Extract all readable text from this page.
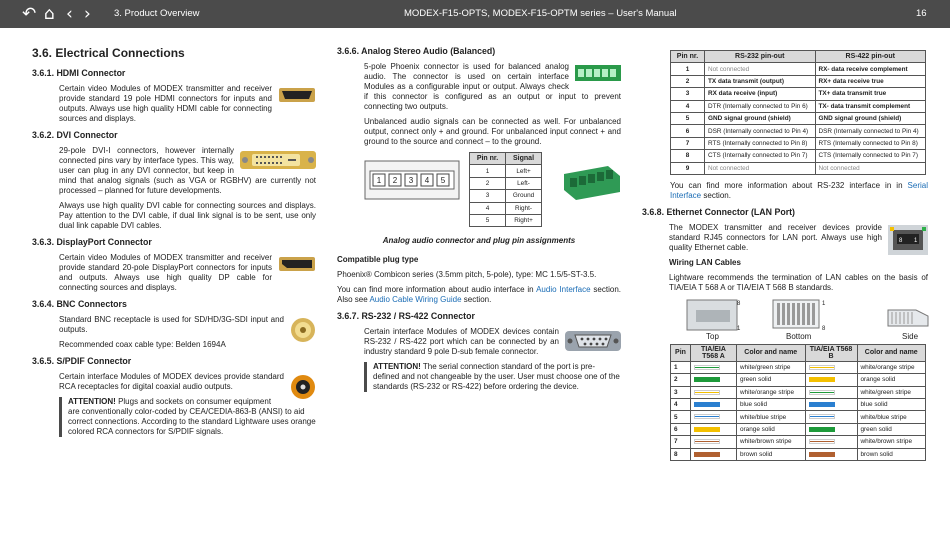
↶ ⌂ ‹ › 3. Product Overview	MODEX-F15-OPTS, MODEX-F15-OPTM series – User's Manual	16
3.6. Electrical Connections
3.6.1. HDMI Connector
Certain video Modules of MODEX transmitter and receiver provide standard 19 pole HDMI connectors for inputs and outputs. Always use high quality HDMI cable for connecting sources and displays.
3.6.2. DVI Connector
29-pole DVI-I connectors, however internally connected pins vary by interface types. This way, user can plug in any DVI connector, but keep in mind that analog signals (such as VGA or RGBHV) are currently not processed – planned for future developments.
Always use high quality DVI cable for connecting sources and displays. Pay attention to the DVI cable, if dual link signal is to be sent, use only dual link capable DVI cables.
3.6.3. DisplayPort Connector
Certain video Modules of MODEX transmitter and receiver provide standard 20-pole DisplayPort connectors for inputs and outputs. Always use high quality DP cable for connecting sources and displays.
3.6.4. BNC Connectors
Standard BNC receptacle is used for SD/HD/3G-SDI input and outputs.
Recommended coax cable type: Belden 1694A
3.6.5. S/PDIF Connector
Certain interface Modules of MODEX devices provide standard RCA receptacles for digital coaxial audio outputs.
ATTENTION! Plugs and sockets on consumer equipment are conventionally color-coded by CEA/CEDIA-863-B (ANSI) to aid correct connections. According to the standard Lightware uses orange colored RCA connectors for S/PDIF signals.
3.6.6. Analog Stereo Audio (Balanced)
5-pole Phoenix connector is used for balanced analog audio. The connector is used on certain interface Modules as a configurable input or output. Always check if this connector is configured as an output or input to prevent connecting two outputs.
Unbalanced audio signals can be connected as well. For unbalanced output, connect only + and ground. For unbalanced input connect + and ground to the source and connect – to the ground.
1 2 3 4 5
Pin nr.	Signal
1	Left+
2	Left-
3	Ground
4	Right-
5	Right+
Analog audio connector and plug pin assignments
Compatible plug type
Phoenix® Combicon series (3.5mm pitch, 5-pole), type: MC 1.5/5-ST-3.5.
You can find more information about audio interface in Audio Interface section. Also see Audio Cable Wiring Guide section.
3.6.7. RS-232 / RS-422 Connector
Certain interface Modules of MODEX devices contain RS-232 / RS-422 port which can be connected by an industry standard 9 pole D-sub female connector.
ATTENTION! The serial connection standard of the port is pre-defined and not changeable by the user. User must choose one of the standards (RS-232 or RS-422) before ordering the device.
Pin nr.	RS-232 pin-out	RS-422 pin-out
1	Not connected	RX- data receive complement
2	TX data transmit (output)	RX+ data receive true
3	RX data receive (input)	TX+ data transmit true
4	DTR (Internally connected to Pin 6)	TX- data transmit complement
5	GND signal ground (shield)	GND signal ground (shield)
6	DSR (Internally connected to Pin 4)	DSR (Internally connected to Pin 4)
7	RTS (Internally connected to Pin 8)	RTS (Internally connected to Pin 8)
8	CTS (Internally connected to Pin 7)	CTS (Internally connected to Pin 7)
9	Not connected	Not connected
You can find more information about RS-232 interface in in Serial Interface section.
3.6.8. Ethernet Connector (LAN Port)
8 1
The MODEX transmitter and receiver devices provide standard RJ45 connectors for LAN port. Always use high quality Ethernet cable.
Wiring LAN Cables
Lightware recommends the termination of LAN cables on the basis of TIA/EIA T 568 A or TIA/EIA T 568 B standards.
8
1
Top
1
8
Bottom	Side
Pin	TIA/EIA T568 A	Color and name	TIA/EIA T568 B	Color and name
1		white/green stripe		white/orange stripe
2		green solid		orange solid
3		white/orange stripe		white/green stripe
4		blue solid		blue solid
5		white/blue stripe		white/blue stripe
6		orange solid		green solid
7		white/brown stripe		white/brown stripe
8		brown solid		brown solid
